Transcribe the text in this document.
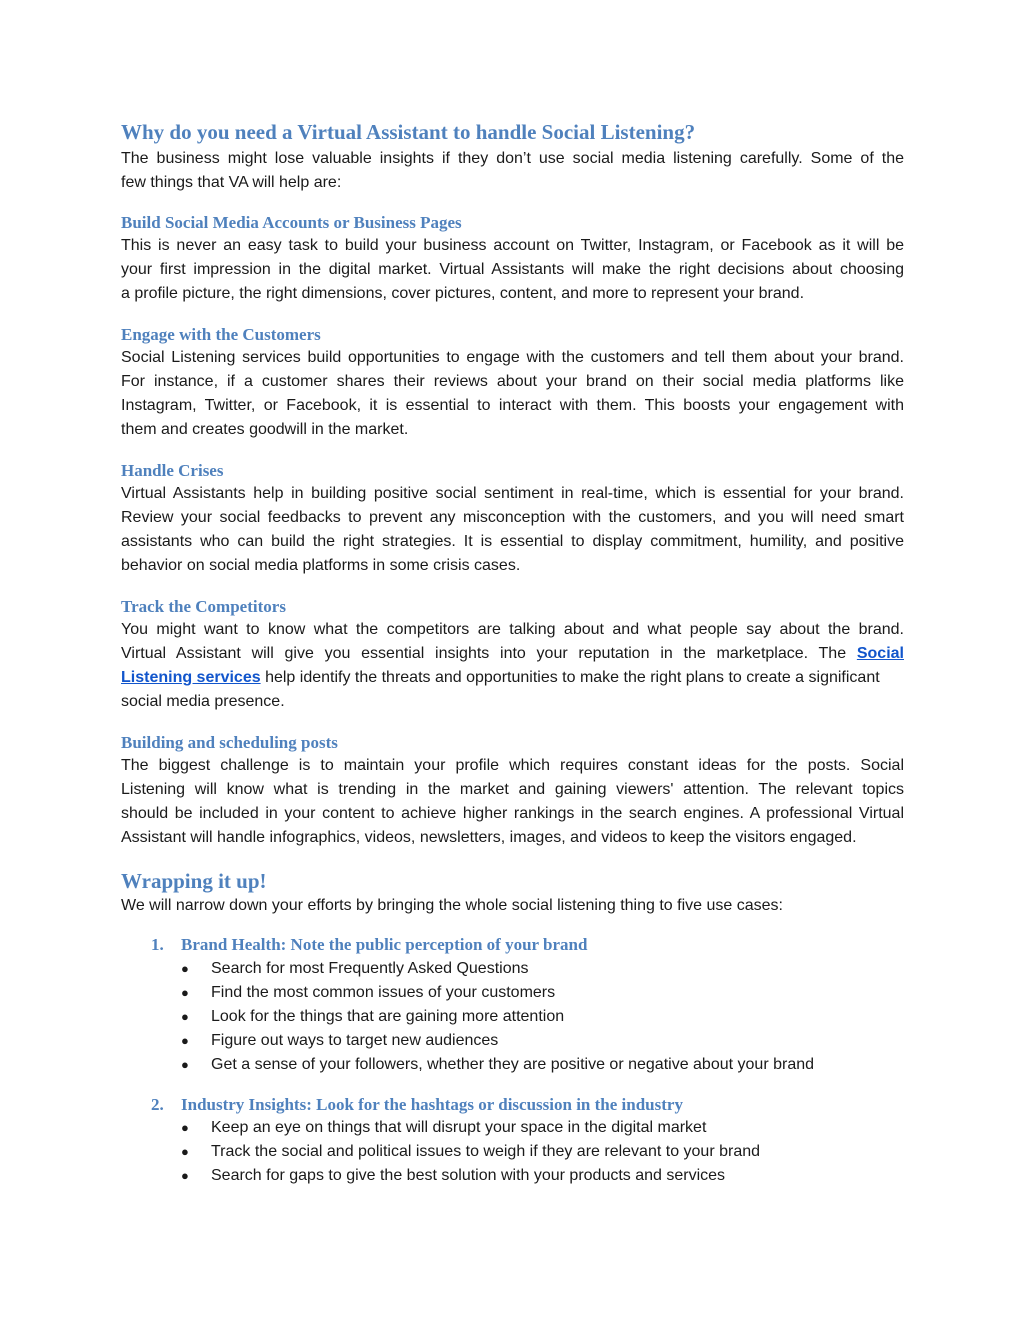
Why do you need a Virtual Assistant to handle Social Listening?
The business might lose valuable insights if they don’t use social media listening carefully. Some of the
few things that VA will help are:
Build Social Media Accounts or Business Pages
This is never an easy task to build your business account on Twitter, Instagram, or Facebook as it will be
your first impression in the digital market. Virtual Assistants will make the right decisions about choosing
a profile picture, the right dimensions, cover pictures, content, and more to represent your brand.
Engage with the Customers
Social Listening services build opportunities to engage with the customers and tell them about your brand.
For instance, if a customer shares their reviews about your brand on their social media platforms like
Instagram, Twitter, or Facebook, it is essential to interact with them. This boosts your engagement with
them and creates goodwill in the market.
Handle Crises
Virtual Assistants help in building positive social sentiment in real-time, which is essential for your brand.
Review your social feedbacks to prevent any misconception with the customers, and you will need smart
assistants who can build the right strategies. It is essential to display commitment, humility, and positive
behavior on social media platforms in some crisis cases.
Track the Competitors
You might want to know what the competitors are talking about and what people say about the brand.
Virtual Assistant will give you essential insights into your reputation in the marketplace. The Social
Listening services help identify the threats and opportunities to make the right plans to create a significant
social media presence.
Building and scheduling posts
The biggest challenge is to maintain your profile which requires constant ideas for the posts. Social
Listening will know what is trending in the market and gaining viewers' attention. The relevant topics
should be included in your content to achieve higher rankings in the search engines. A professional Virtual
Assistant will handle infographics, videos, newsletters, images, and videos to keep the visitors engaged.
Wrapping it up!
We will narrow down your efforts by bringing the whole social listening thing to five use cases:
1. Brand Health: Note the public perception of your brand
● Search for most Frequently Asked Questions
● Find the most common issues of your customers
● Look for the things that are gaining more attention
● Figure out ways to target new audiences
● Get a sense of your followers, whether they are positive or negative about your brand
2. Industry Insights: Look for the hashtags or discussion in the industry
● Keep an eye on things that will disrupt your space in the digital market
● Track the social and political issues to weigh if they are relevant to your brand
● Search for gaps to give the best solution with your products and services
